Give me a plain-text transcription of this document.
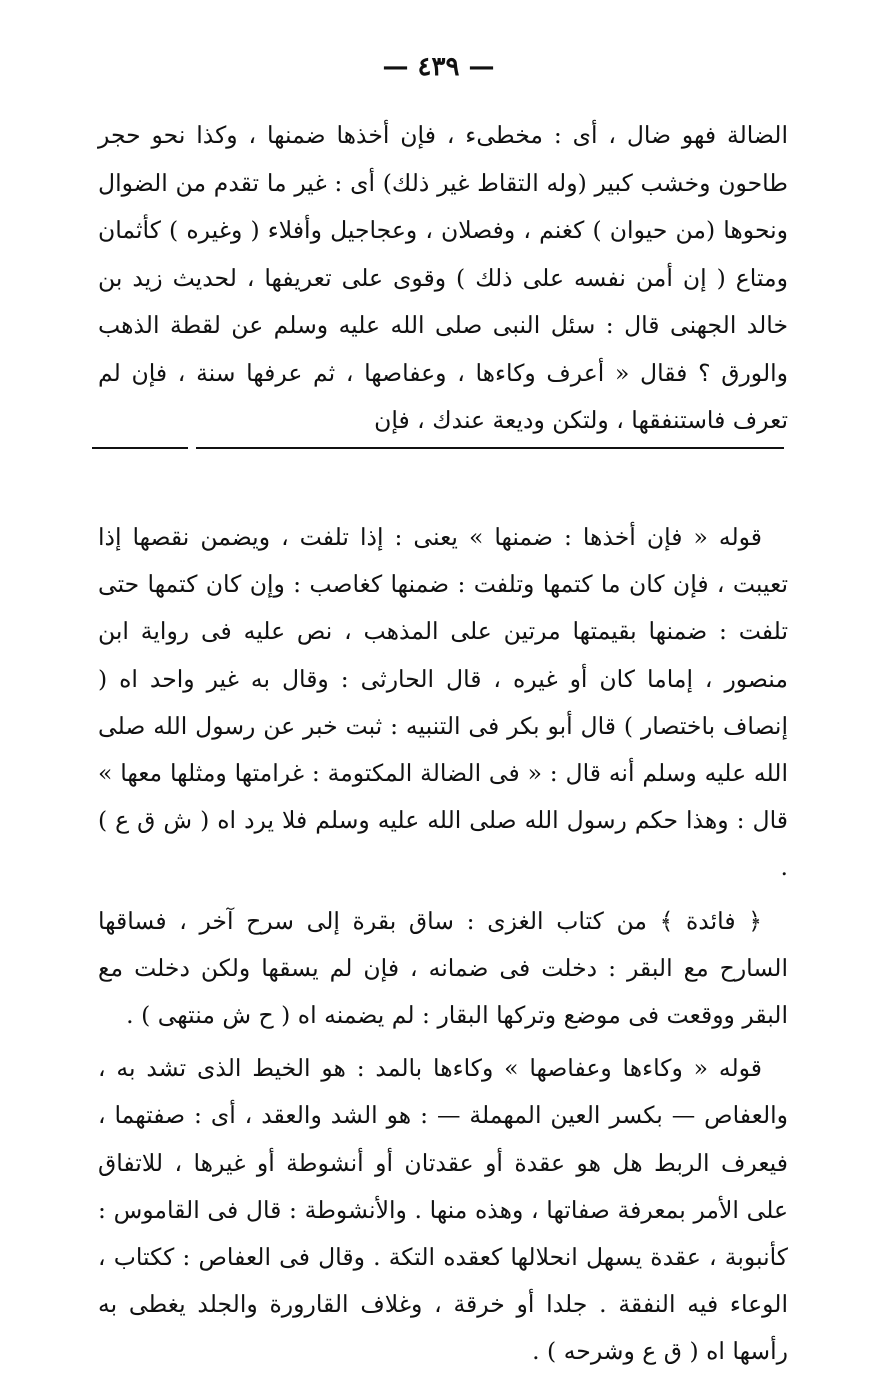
— ٤٣٩ —

الضالة فهو ضال ، أى : مخطىء ، فإن أخذها ضمنها ، وكذا نحو حجر طاحون وخشب كبير (وله التقاط غير ذلك) أى : غير ما تقدم من الضوال ونحوها (من حيوان ) كغنم ، وفصلان ، وعجاجيل وأفلاء ( وغيره ) كأثمان ومتاع ( إن أمن نفسه على ذلك ) وقوى على تعريفها ، لحديث زيد بن خالد الجهنى قال : سئل النبى صلى الله عليه وسلم عن لقطة الذهب والورق ؟ فقال « أعرف وكاءها ، وعفاصها ، ثم عرفها سنة ، فإن لم تعرف فاستنفقها ، ولتكن وديعة عندك ، فإن

قوله « فإن أخذها : ضمنها » يعنى : إذا تلفت ، ويضمن نقصها إذا تعيبت ، فإن كان ما كتمها وتلفت : ضمنها كغاصب : وإن كان كتمها حتى تلفت : ضمنها بقيمتها مرتين على المذهب ، نص عليه فى رواية ابن منصور ، إماما كان أو غيره ، قال الحارثى : وقال به غير واحد اه ( إنصاف باختصار ) قال أبو بكر فى التنبيه : ثبت خبر عن رسول الله صلى الله عليه وسلم أنه قال : « فى الضالة المكتومة : غرامتها ومثلها معها » قال : وهذا حكم رسول الله صلى الله عليه وسلم فلا يرد اه ( ش ق ع ) .

﴿ فائدة ﴾ من كتاب الغزى : ساق بقرة إلى سرح آخر ، فساقها السارح مع البقر : دخلت فى ضمانه ، فإن لم يسقها ولكن دخلت مع البقر ووقعت فى موضع وتركها البقار : لم يضمنه اه ( ح ش منتهى ) .

قوله « وكاءها وعفاصها » وكاءها بالمد : هو الخيط الذى تشد به ، والعفاص — بكسر العين المهملة — : هو الشد والعقد ، أى : صفتهما ، فيعرف الربط هل هو عقدة أو عقدتان أو أنشوطة أو غيرها ، للاتفاق على الأمر بمعرفة صفاتها ، وهذه منها . والأنشوطة : قال فى القاموس : كأنبوبة ، عقدة يسهل انحلالها كعقده التكة . وقال فى العفاص : ككتاب ، الوعاء فيه النفقة . جلدا أو خرقة ، وغلاف القارورة والجلد يغطى به رأسها اه ( ق ع وشرحه ) .
